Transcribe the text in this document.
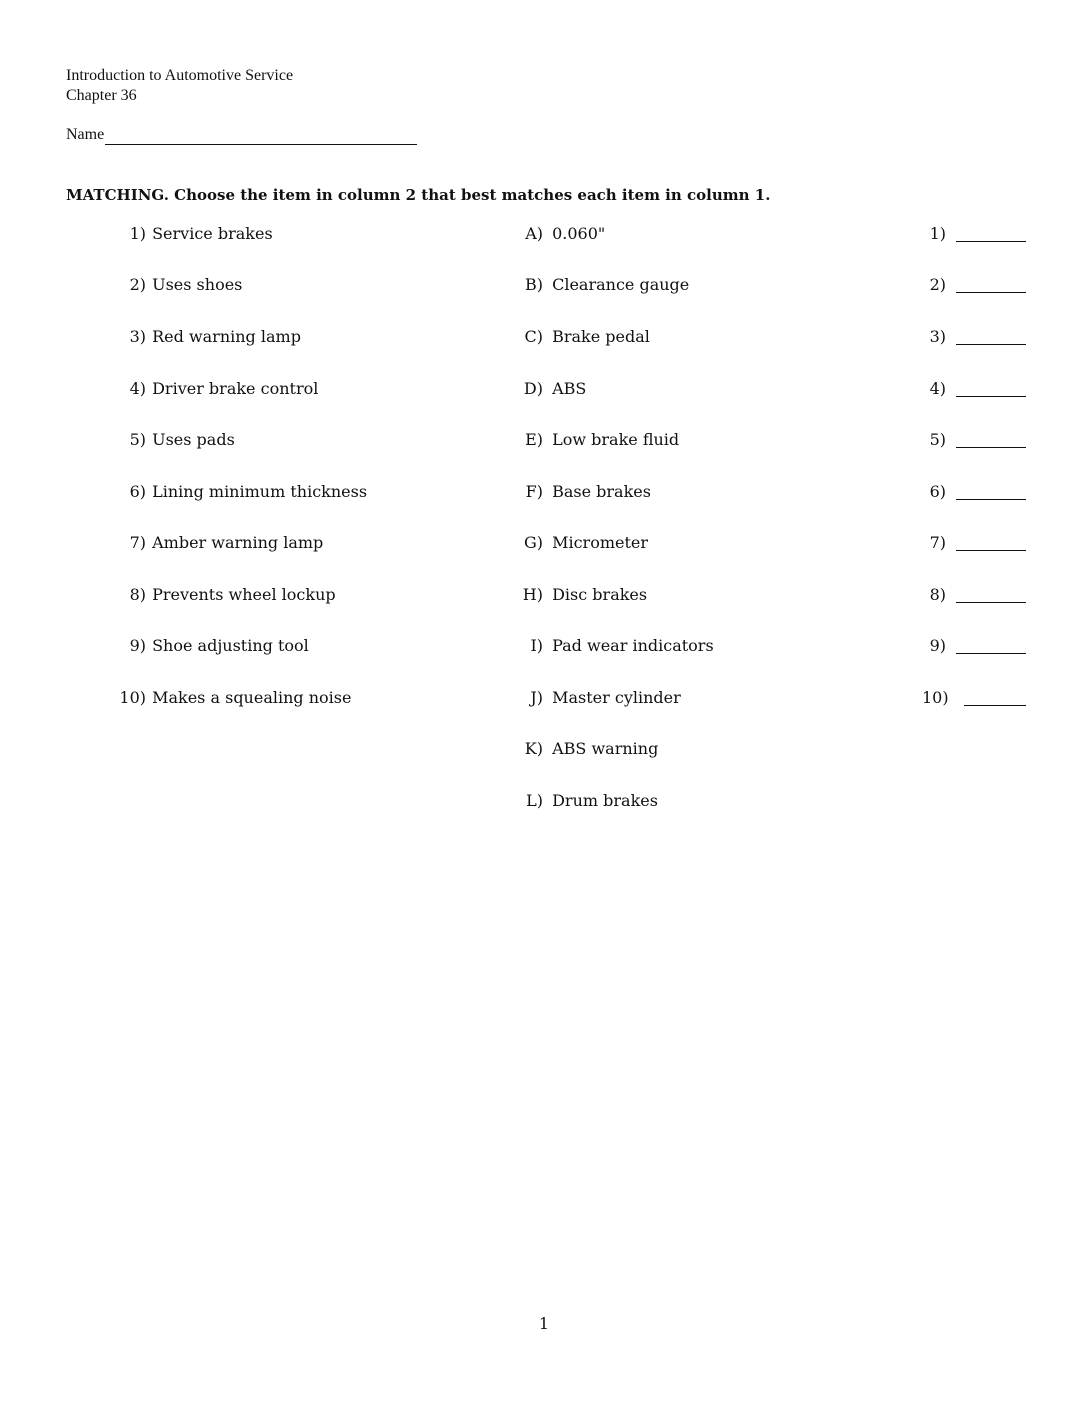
Introduction to Automotive Service
Chapter 36
Name
MATCHING. Choose the item in column 2 that best matches each item in column 1.
1) Service brakes	A) 0.060"	1)
2) Uses shoes	B) Clearance gauge	2)
3) Red warning lamp	C) Brake pedal	3)
4) Driver brake control	D) ABS	4)
5) Uses pads	E) Low brake fluid	5)
6) Lining minimum thickness	F) Base brakes	6)
7) Amber warning lamp	G) Micrometer	7)
8) Prevents wheel lockup	H) Disc brakes	8)
9) Shoe adjusting tool	I) Pad wear indicators	9)
10) Makes a squealing noise	J) Master cylinder	10)
K) ABS warning
L) Drum brakes
1
